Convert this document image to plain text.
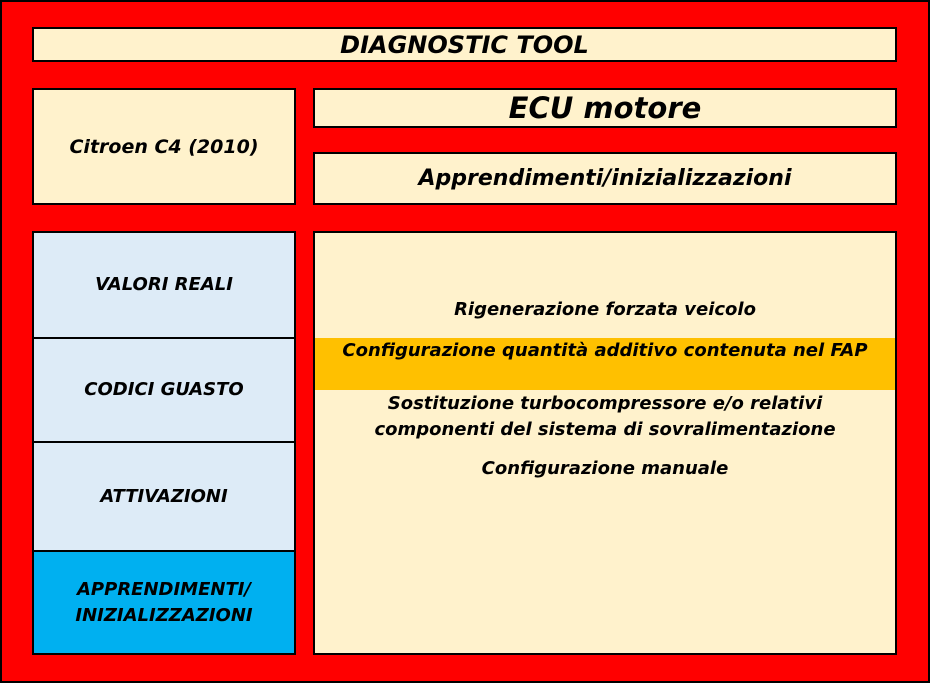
DIAGNOSTIC TOOL
Citroen C4 (2010)
ECU motore
Apprendimenti/inizializzazioni
VALORI REALI
CODICI GUASTO
ATTIVAZIONI
APPRENDIMENTI/ INIZIALIZZAZIONI
Rigenerazione forzata veicolo
Configurazione quantità additivo contenuta nel FAP
Sostituzione turbocompressore e/o relativi componenti del sistema di sovralimentazione
Configurazione manuale
